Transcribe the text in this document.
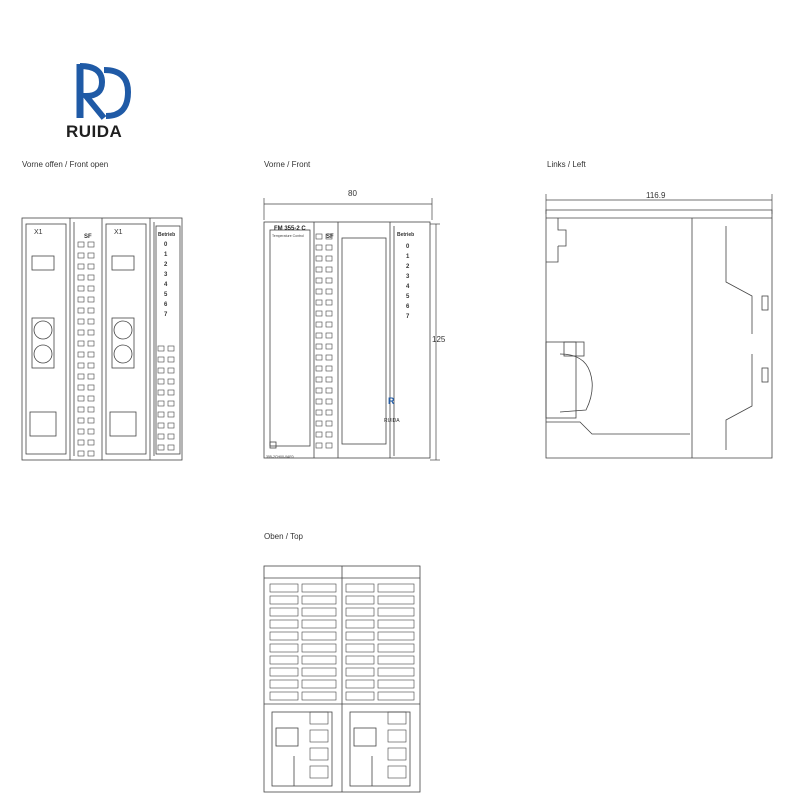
RUIDA
Vorne offen / Front open	Vorne / Front	Links / Left
Oben / Top
X1	X1
SF	Betrieb
0
1
2
3
4
5
6
7
80
125
FM 355-2 C
Temperature Control	SF	Betrieb
0
1
2
3
4
5
6
7
355-2CH00-0AE0
R
RUIDA
116.9
